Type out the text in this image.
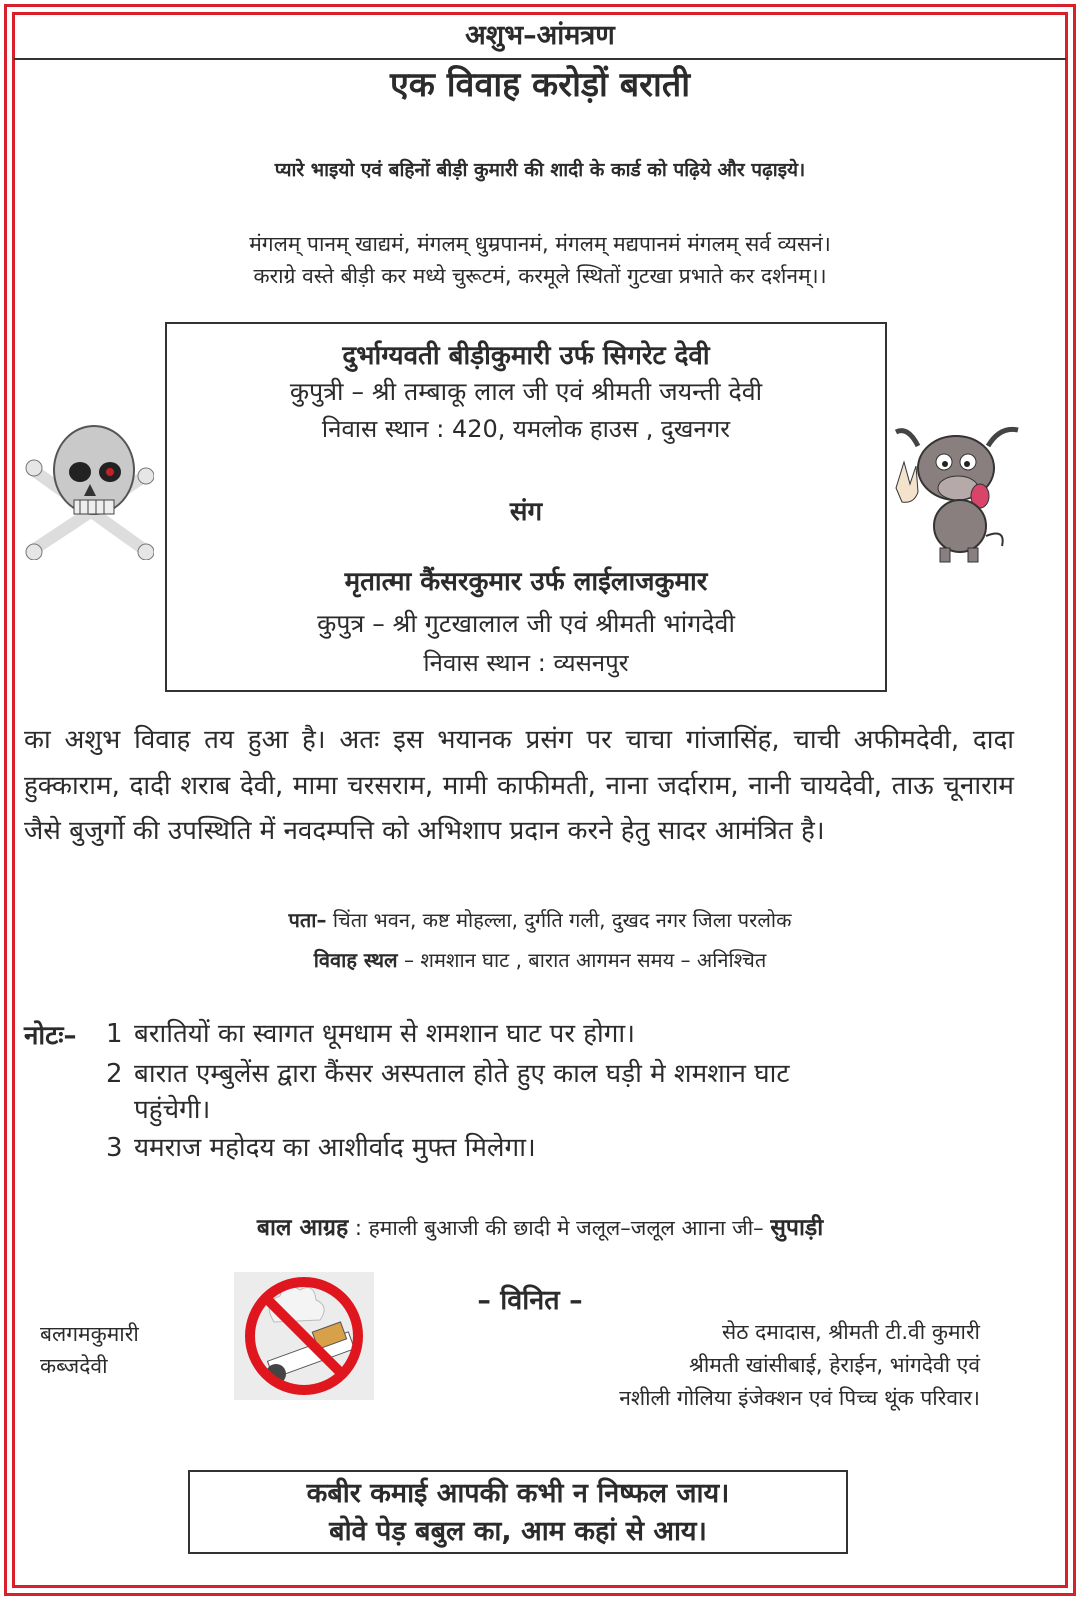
अशुभ–आंमत्रण
एक विवाह करोड़ों बराती
प्यारे भाइयो एवं बहिनों बीड़ी कुमारी की शादी के कार्ड को पढ़िये और पढ़ाइये।
मंगलम् पानम् खाद्यमं, मंगलम् धुम्रपानमं, मंगलम् मद्यपानमं मंगलम् सर्व व्यसनं।
कराग्रे वस्ते बीड़ी कर मध्ये चुरूटमं, करमूले स्थितों गुटखा प्रभाते कर दर्शनम्।।
दुर्भाग्यवती बीड़ीकुमारी उर्फ सिगरेट देवी
कुपुत्री – श्री तम्बाकू लाल जी एवं श्रीमती जयन्ती देवी
निवास स्थान : 420, यमलोक हाउस , दुखनगर
संग
मृतात्मा कैंसरकुमार उर्फ लाईलाजकुमार
कुपुत्र – श्री गुटखालाल जी एवं श्रीमती भांगदेवी
निवास स्थान : व्यसनपुर
का अशुभ विवाह तय हुआ है। अतः इस भयानक प्रसंग पर चाचा गांजासिंह, चाची अफीमदेवी, दादा हुक्काराम, दादी शराब देवी, मामा चरसराम, मामी काफीमती, नाना जर्दाराम, नानी चायदेवी, ताऊ चूनाराम जैसे बुजुर्गो की उपस्थिति में नवदम्पत्ति को अभिशाप प्रदान करने हेतु सादर आमंत्रित है।
पता– चिंता भवन, कष्ट मोहल्ला, दुर्गति गली, दुखद नगर जिला परलोक
विवाह स्थल – शमशान घाट , बारात आगमन समय – अनिश्चित
नोटः– 1 बरातियों का स्वागत धूमधाम से शमशान घाट पर होगा।
2 बारात एम्बुलेंस द्वारा कैंसर अस्पताल होते हुए काल घड़ी मे शमशान घाट
पहुंचेगी।
3 यमराज महोदय का आशीर्वाद मुफ्त मिलेगा।
बाल आग्रह : हमाली बुआजी की छादी मे जलूल–जलूल आाना जी– सुपाड़ी
– विनित –
बलगमकुमारी
कब्जदेवी
सेठ दमादास, श्रीमती टी.वी कुमारी
श्रीमती खांसीबाई, हेराईन, भांगदेवी एवं
नशीली गोलिया इंजेक्शन एवं पिच्च थूंक परिवार।
कबीर कमाई आपकी कभी न निष्फल जाय।
बोवे पेड़ बबुल का, आम कहां से आय।
